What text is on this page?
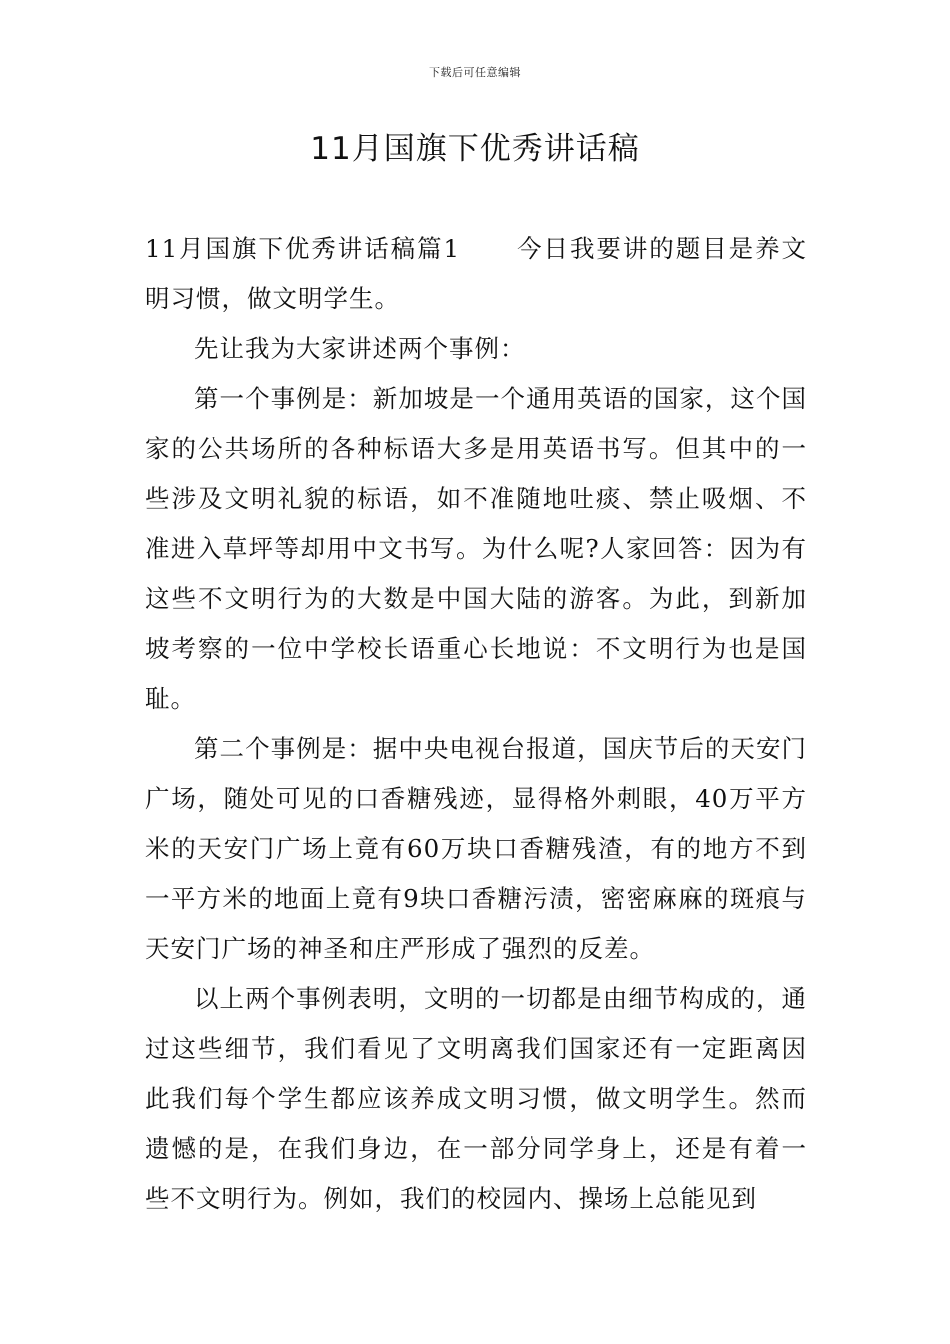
下载后可任意编辑
11月国旗下优秀讲话稿

11月国旗下优秀讲话稿篇1 今日我要讲的题目是养文明习惯，做文明学生。

先让我为大家讲述两个事例：

第一个事例是：新加坡是一个通用英语的国家，这个国家的公共场所的各种标语大多是用英语书写。但其中的一些涉及文明礼貌的标语，如不准随地吐痰、禁止吸烟、不准进入草坪等却用中文书写。为什么呢?人家回答：因为有这些不文明行为的大数是中国大陆的游客。为此，到新加坡考察的一位中学校长语重心长地说：不文明行为也是国耻。

第二个事例是：据中央电视台报道，国庆节后的天安门广场，随处可见的口香糖残迹，显得格外刺眼，40万平方米的天安门广场上竟有60万块口香糖残渣，有的地方不到一平方米的地面上竟有9块口香糖污渍，密密麻麻的斑痕与天安门广场的神圣和庄严形成了强烈的反差。

以上两个事例表明，文明的一切都是由细节构成的，通过这些细节，我们看见了文明离我们国家还有一定距离因此我们每个学生都应该养成文明习惯，做文明学生。然而遗憾的是，在我们身边，在一部分同学身上，还是有着一些不文明行为。例如，我们的校园内、操场上总能见到
